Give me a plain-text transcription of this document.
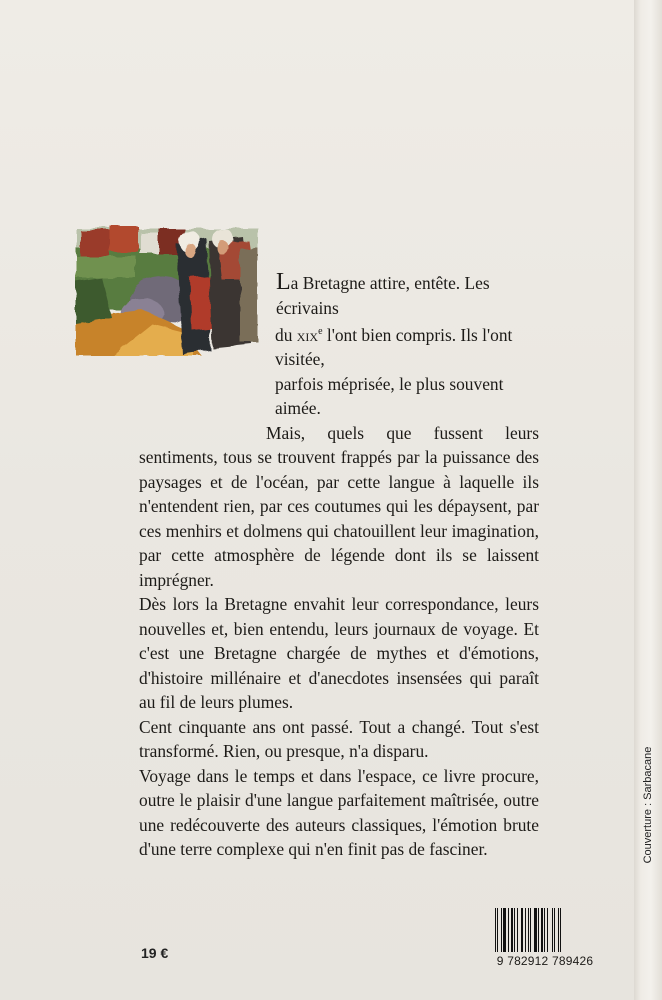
Couverture : Sarbacane

La Bretagne attire, entête. Les écrivains

du xix$^e$ l'ont bien compris. Ils l'ont visitée,

parfois méprisée, le plus souvent aimée.

Mais, quels que fussent leurs sentiments, tous se trouvent frappés par la puissance des paysages et de l'océan, par cette langue à laquelle ils n'entendent rien, par ces coutumes qui les dépaysent, par ces menhirs et dolmens qui chatouillent leur imagination, par cette atmosphère de légende dont ils se laissent imprégner.

Dès lors la Bretagne envahit leur correspondance, leurs nouvelles et, bien entendu, leurs journaux de voyage. Et c'est une Bretagne chargée de mythes et d'émotions, d'histoire millénaire et d'anecdotes insensées qui paraît au fil de leurs plumes.

Cent cinquante ans ont passé. Tout a changé. Tout s'est transformé. Rien, ou presque, n'a disparu.

Voyage dans le temps et dans l'espace, ce livre procure, outre le plaisir d'une langue parfaitement maîtrisée, outre une redécouverte des auteurs classiques, l'émotion brute d'une terre complexe qui n'en finit pas de fasciner.

19 €	9 782912 789426
